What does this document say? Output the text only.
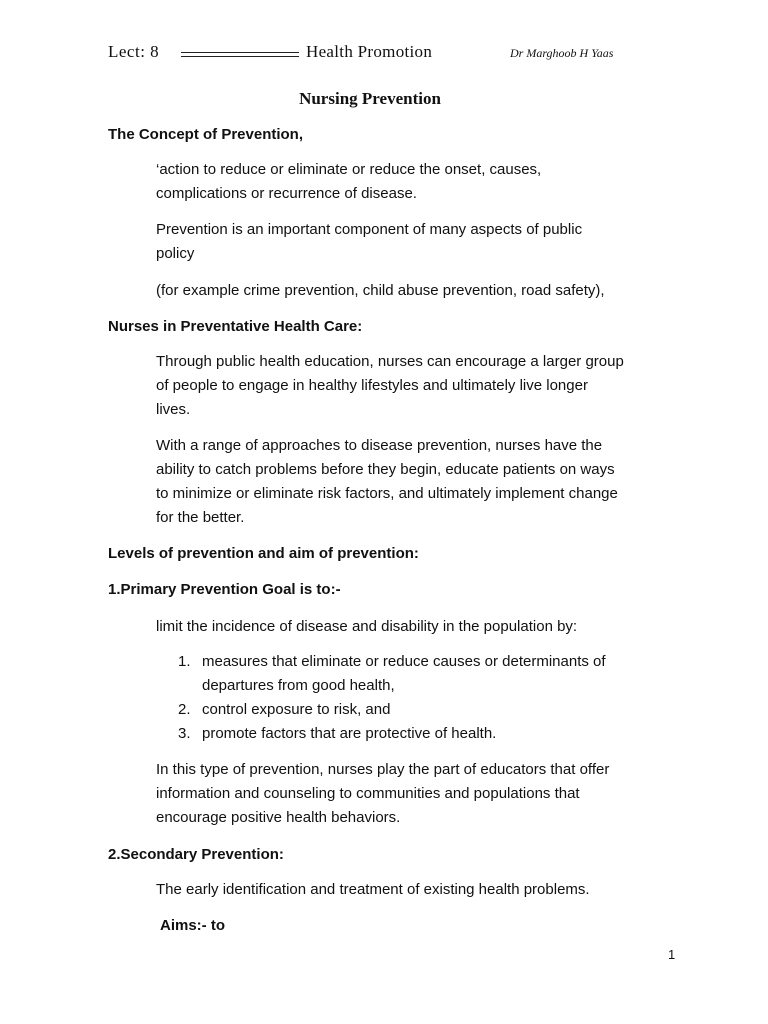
Lect: 8	Health Promotion	Dr Marghoob H Yaas
Nursing Prevention
The Concept of Prevention,
‘action to reduce or eliminate or reduce the onset, causes,
complications or recurrence of disease.
Prevention is an important component of many aspects of public
policy
(for example crime prevention, child abuse prevention, road safety),
Nurses in Preventative Health Care:
Through public health education, nurses can encourage a larger group
of people to engage in healthy lifestyles and ultimately live longer
lives.
With a range of approaches to disease prevention, nurses have the
ability to catch problems before they begin, educate patients on ways
to minimize or eliminate risk factors, and ultimately implement change
for the better.
Levels of prevention and aim of prevention:
1.Primary Prevention Goal is to:-
limit the incidence of disease and disability in the population by:
1. measures that eliminate or reduce causes or determinants of
departures from good health,
2. control exposure to risk, and
3. promote factors that are protective of health.
In this type of prevention, nurses play the part of educators that offer
information and counseling to communities and populations that
encourage positive health behaviors.
2.Secondary Prevention:
The early identification and treatment of existing health problems.
Aims:- to
1
